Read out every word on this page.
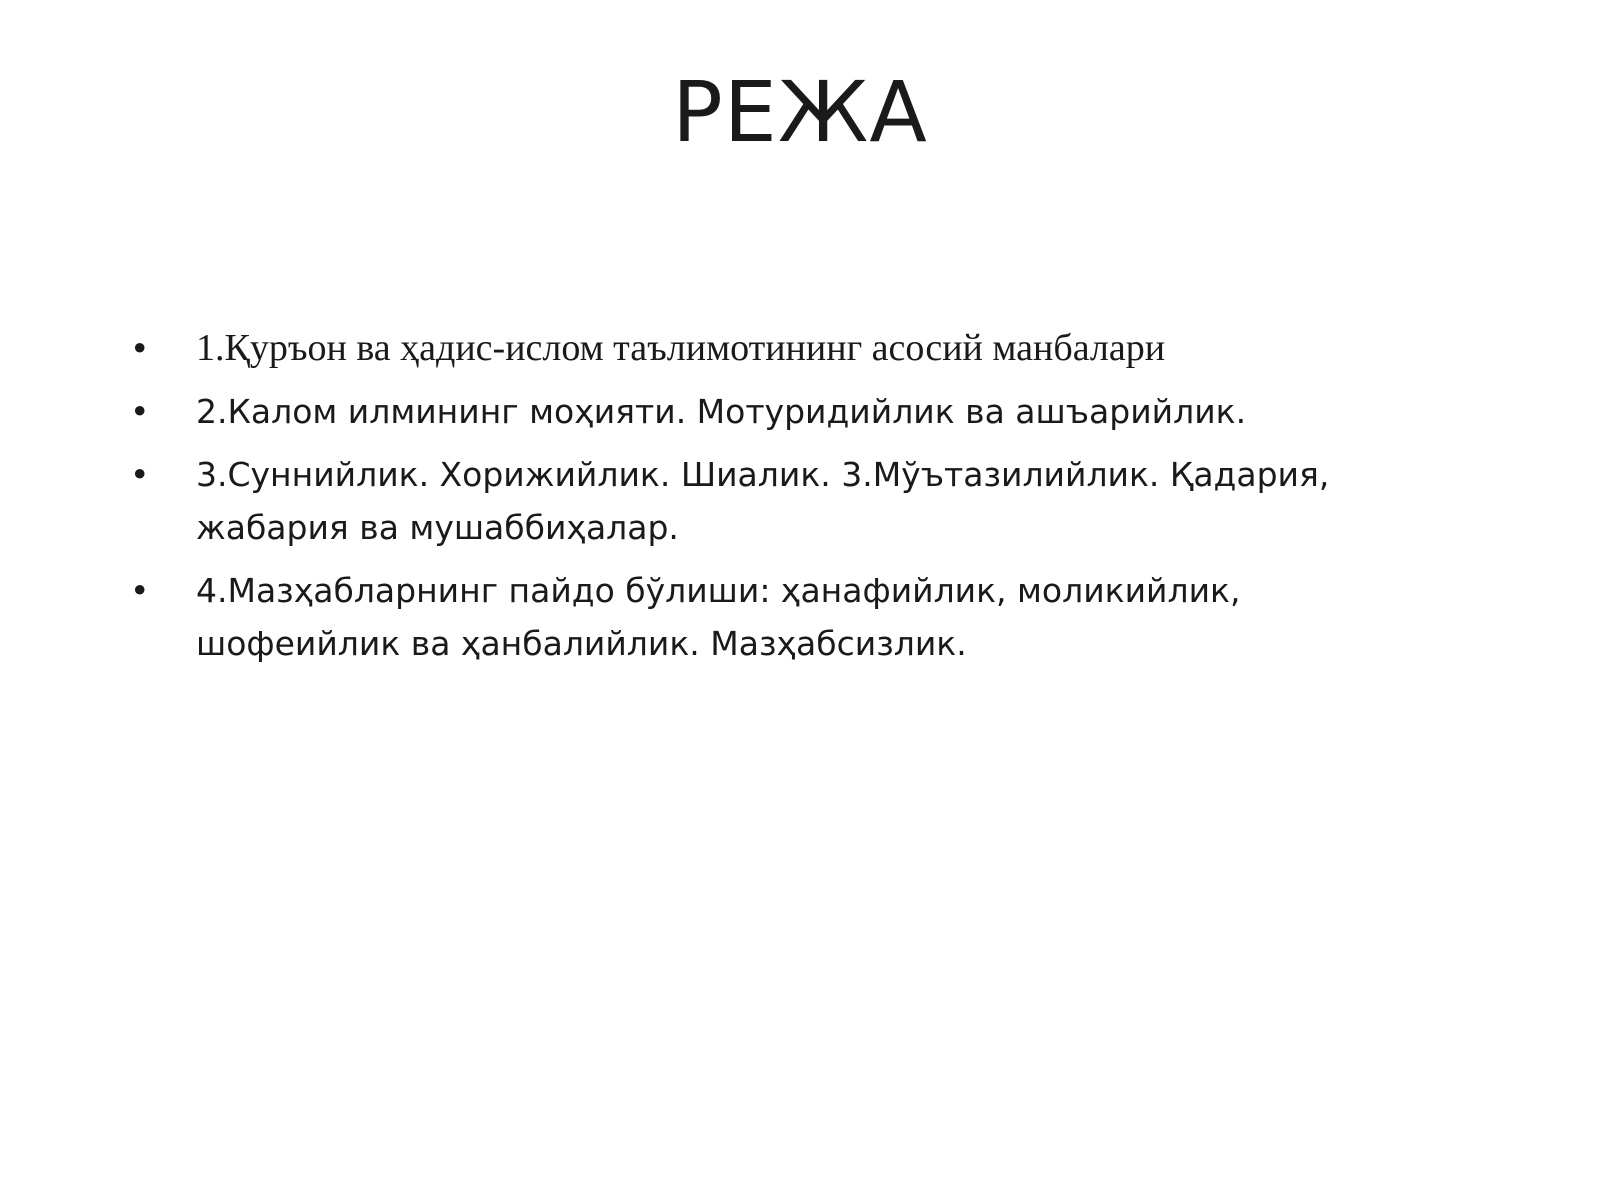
РЕЖА
•	1.Қуръон ва ҳадис-ислом таълимотининг асосий манбалари
•	2.Калом илмининг моҳияти. Мотуридийлик ва ашъарийлик.
•	3.Суннийлик. Хорижийлик. Шиалик. 3.Мўътазилийлик. Қадария, жабария ва мушаббиҳалар.
•	4.Мазҳабларнинг пайдо бўлиши: ҳанафийлик, моликийлик, шофеийлик ва ҳанбалийлик. Мазҳабсизлик.
